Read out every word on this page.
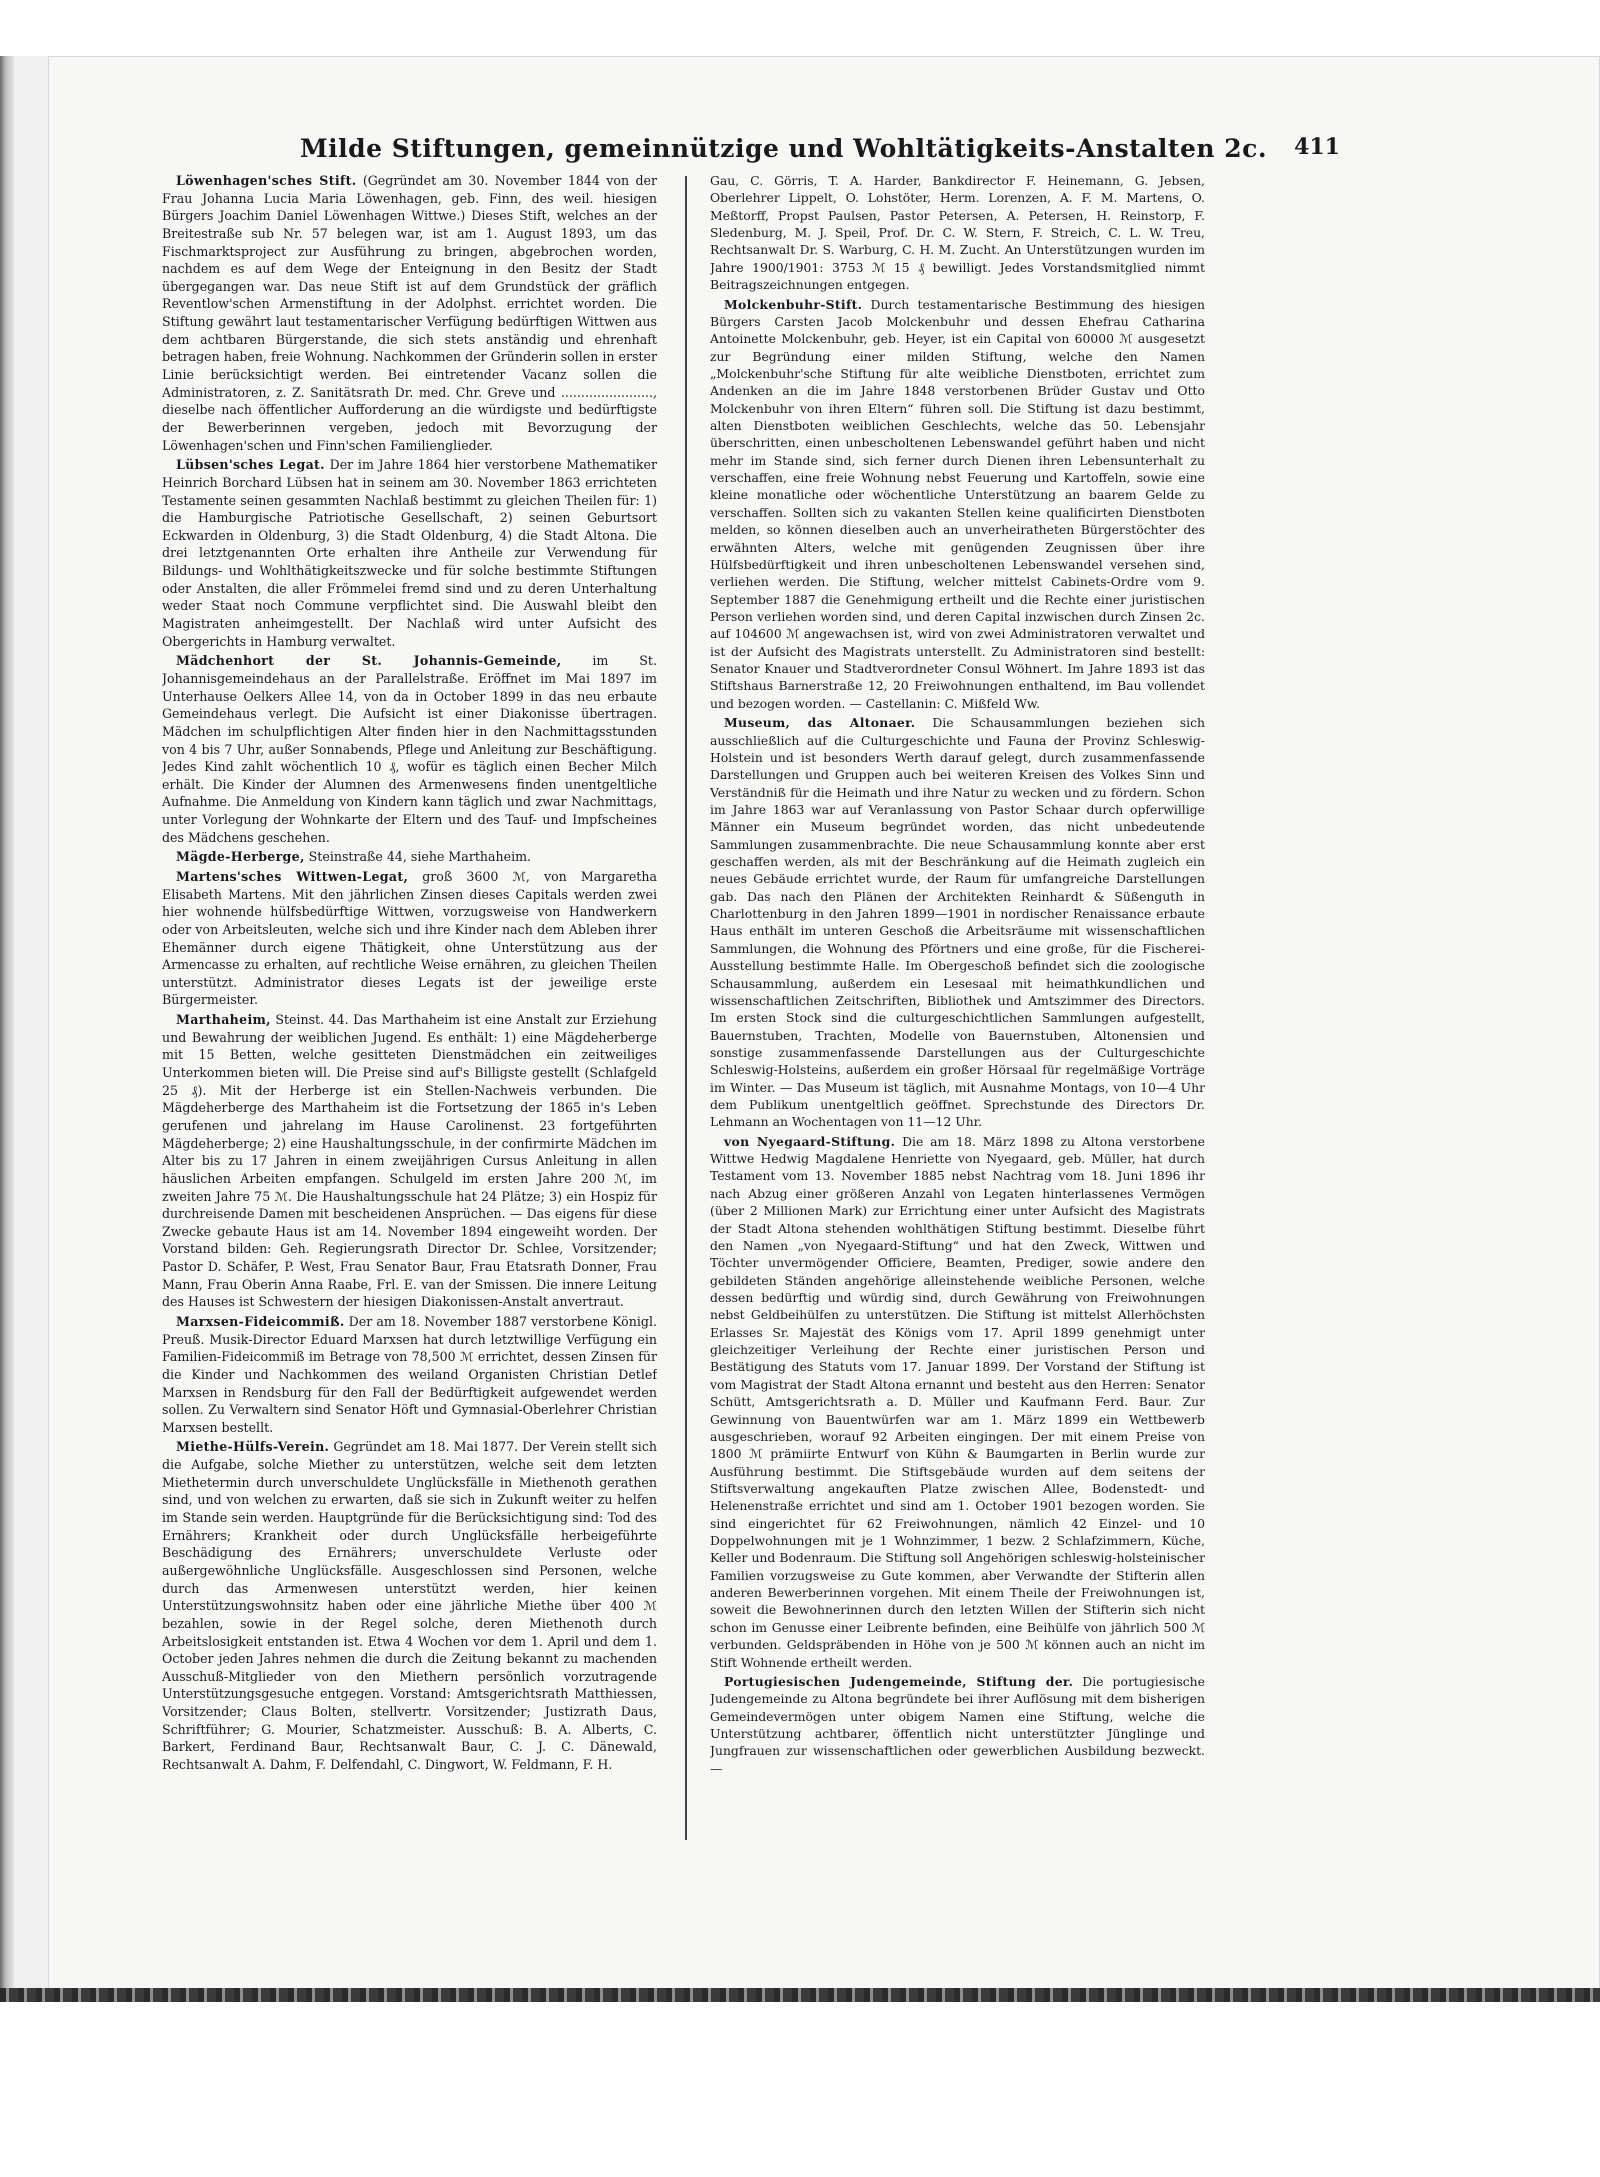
Milde Stiftungen, gemeinnützige und Wohltätigkeits-Anstalten 2c. 411

Löwenhagen'sches Stift. (Gegründet am 30. November 1844 von der Frau Johanna Lucia Maria Löwenhagen, geb. Finn, des weil. hiesigen Bürgers Joachim Daniel Löwenhagen Wittwe.) Dieses Stift, welches an der Breitestraße sub Nr. 57 belegen war, ist am 1. August 1893, um das Fischmarktsproject zur Ausführung zu bringen, abgebrochen worden, nachdem es auf dem Wege der Enteignung in den Besitz der Stadt übergegangen war. Das neue Stift ist auf dem Grundstück der gräflich Reventlow'schen Armenstiftung in der Adolphst. errichtet worden. Die Stiftung gewährt laut testamentarischer Verfügung bedürftigen Wittwen aus dem achtbaren Bürgerstande, die sich stets anständig und ehrenhaft betragen haben, freie Wohnung. Nachkommen der Gründerin sollen in erster Linie berücksichtigt werden. Bei eintretender Vacanz sollen die Administratoren, z. Z. Sanitätsrath Dr. med. Chr. Greve und ......................., dieselbe nach öffentlicher Aufforderung an die würdigste und bedürftigste der Bewerberinnen vergeben, jedoch mit Bevorzugung der Löwenhagen'schen und Finn'schen Familienglieder.

Lübsen'sches Legat. Der im Jahre 1864 hier verstorbene Mathematiker Heinrich Borchard Lübsen hat in seinem am 30. November 1863 errichteten Testamente seinen gesammten Nachlaß bestimmt zu gleichen Theilen für: 1) die Hamburgische Patriotische Gesellschaft, 2) seinen Geburtsort Eckwarden in Oldenburg, 3) die Stadt Oldenburg, 4) die Stadt Altona. Die drei letztgenannten Orte erhalten ihre Antheile zur Verwendung für Bildungs- und Wohlthätigkeitszwecke und für solche bestimmte Stiftungen oder Anstalten, die aller Frömmelei fremd sind und zu deren Unterhaltung weder Staat noch Commune verpflichtet sind. Die Auswahl bleibt den Magistraten anheimgestellt. Der Nachlaß wird unter Aufsicht des Obergerichts in Hamburg verwaltet.

Mädchenhort der St. Johannis-Gemeinde, im St. Johannisgemeindehaus an der Parallelstraße. Eröffnet im Mai 1897 im Unterhause Oelkers Allee 14, von da in October 1899 in das neu erbaute Gemeindehaus verlegt. Die Aufsicht ist einer Diakonisse übertragen. Mädchen im schulpflichtigen Alter finden hier in den Nachmittagsstunden von 4 bis 7 Uhr, außer Sonnabends, Pflege und Anleitung zur Beschäftigung. Jedes Kind zahlt wöchentlich 10 ₰, wofür es täglich einen Becher Milch erhält. Die Kinder der Alumnen des Armenwesens finden unentgeltliche Aufnahme. Die Anmeldung von Kindern kann täglich und zwar Nachmittags, unter Vorlegung der Wohnkarte der Eltern und des Tauf- und Impfscheines des Mädchens geschehen.

Mägde-Herberge, Steinstraße 44, siehe Marthaheim.

Martens'sches Wittwen-Legat, groß 3600 ℳ, von Margaretha Elisabeth Martens. Mit den jährlichen Zinsen dieses Capitals werden zwei hier wohnende hülfsbedürftige Wittwen, vorzugsweise von Handwerkern oder von Arbeitsleuten, welche sich und ihre Kinder nach dem Ableben ihrer Ehemänner durch eigene Thätigkeit, ohne Unterstützung aus der Armencasse zu erhalten, auf rechtliche Weise ernähren, zu gleichen Theilen unterstützt. Administrator dieses Legats ist der jeweilige erste Bürgermeister.

Marthaheim, Steinst. 44. Das Marthaheim ist eine Anstalt zur Erziehung und Bewahrung der weiblichen Jugend. Es enthält: 1) eine Mägdeherberge mit 15 Betten, welche gesitteten Dienstmädchen ein zeitweiliges Unterkommen bieten will. Die Preise sind auf's Billigste gestellt (Schlafgeld 25 ₰). Mit der Herberge ist ein Stellen-Nachweis verbunden. Die Mägdeherberge des Marthaheim ist die Fortsetzung der 1865 in's Leben gerufenen und jahrelang im Hause Carolinenst. 23 fortgeführten Mägdeherberge; 2) eine Haushaltungsschule, in der confirmirte Mädchen im Alter bis zu 17 Jahren in einem zweijährigen Cursus Anleitung in allen häuslichen Arbeiten empfangen. Schulgeld im ersten Jahre 200 ℳ, im zweiten Jahre 75 ℳ. Die Haushaltungsschule hat 24 Plätze; 3) ein Hospiz für durchreisende Damen mit bescheidenen Ansprüchen. — Das eigens für diese Zwecke gebaute Haus ist am 14. November 1894 eingeweiht worden. Der Vorstand bilden: Geh. Regierungsrath Director Dr. Schlee, Vorsitzender; Pastor D. Schäfer, P. West, Frau Senator Baur, Frau Etatsrath Donner, Frau Mann, Frau Oberin Anna Raabe, Frl. E. van der Smissen. Die innere Leitung des Hauses ist Schwestern der hiesigen Diakonissen-Anstalt anvertraut.

Marxsen-Fideicommiß. Der am 18. November 1887 verstorbene Königl. Preuß. Musik-Director Eduard Marxsen hat durch letztwillige Verfügung ein Familien-Fideicommiß im Betrage von 78,500 ℳ errichtet, dessen Zinsen für die Kinder und Nachkommen des weiland Organisten Christian Detlef Marxsen in Rendsburg für den Fall der Bedürftigkeit aufgewendet werden sollen. Zu Verwaltern sind Senator Höft und Gymnasial-Oberlehrer Christian Marxsen bestellt.

Miethe-Hülfs-Verein. Gegründet am 18. Mai 1877. Der Verein stellt sich die Aufgabe, solche Miether zu unterstützen, welche seit dem letzten Miethetermin durch unverschuldete Unglücksfälle in Miethenoth gerathen sind, und von welchen zu erwarten, daß sie sich in Zukunft weiter zu helfen im Stande sein werden. Hauptgründe für die Berücksichtigung sind: Tod des Ernährers; Krankheit oder durch Unglücksfälle herbeigeführte Beschädigung des Ernährers; unverschuldete Verluste oder außergewöhnliche Unglücksfälle. Ausgeschlossen sind Personen, welche durch das Armenwesen unterstützt werden, hier keinen Unterstützungswohnsitz haben oder eine jährliche Miethe über 400 ℳ bezahlen, sowie in der Regel solche, deren Miethenoth durch Arbeitslosigkeit entstanden ist. Etwa 4 Wochen vor dem 1. April und dem 1. October jeden Jahres nehmen die durch die Zeitung bekannt zu machenden Ausschuß-Mitglieder von den Miethern persönlich vorzutragende Unterstützungsgesuche entgegen. Vorstand: Amtsgerichtsrath Matthiessen, Vorsitzender; Claus Bolten, stellvertr. Vorsitzender; Justizrath Daus, Schriftführer; G. Mourier, Schatzmeister. Ausschuß: B. A. Alberts, C. Barkert, Ferdinand Baur, Rechtsanwalt Baur, C. J. C. Dänewald, Rechtsanwalt A. Dahm, F. Delfendahl, C. Dingwort, W. Feldmann, F. H.

Gau, C. Görris, T. A. Harder, Bankdirector F. Heinemann, G. Jebsen, Oberlehrer Lippelt, O. Lohstöter, Herm. Lorenzen, A. F. M. Martens, O. Meßtorff, Propst Paulsen, Pastor Petersen, A. Petersen, H. Reinstorp, F. Sledenburg, M. J. Speil, Prof. Dr. C. W. Stern, F. Streich, C. L. W. Treu, Rechtsanwalt Dr. S. Warburg, C. H. M. Zucht. An Unterstützungen wurden im Jahre 1900/1901: 3753 ℳ 15 ₰ bewilligt. Jedes Vorstandsmitglied nimmt Beitragszeichnungen entgegen.

Molckenbuhr-Stift. Durch testamentarische Bestimmung des hiesigen Bürgers Carsten Jacob Molckenbuhr und dessen Ehefrau Catharina Antoinette Molckenbuhr, geb. Heyer, ist ein Capital von 60000 ℳ ausgesetzt zur Begründung einer milden Stiftung, welche den Namen „Molckenbuhr'sche Stiftung für alte weibliche Dienstboten, errichtet zum Andenken an die im Jahre 1848 verstorbenen Brüder Gustav und Otto Molckenbuhr von ihren Eltern“ führen soll. Die Stiftung ist dazu bestimmt, alten Dienstboten weiblichen Geschlechts, welche das 50. Lebensjahr überschritten, einen unbescholtenen Lebenswandel geführt haben und nicht mehr im Stande sind, sich ferner durch Dienen ihren Lebensunterhalt zu verschaffen, eine freie Wohnung nebst Feuerung und Kartoffeln, sowie eine kleine monatliche oder wöchentliche Unterstützung an baarem Gelde zu verschaffen. Sollten sich zu vakanten Stellen keine qualificirten Dienstboten melden, so können dieselben auch an unverheiratheten Bürgerstöchter des erwähnten Alters, welche mit genügenden Zeugnissen über ihre Hülfsbedürftigkeit und ihren unbescholtenen Lebenswandel versehen sind, verliehen werden. Die Stiftung, welcher mittelst Cabinets-Ordre vom 9. September 1887 die Genehmigung ertheilt und die Rechte einer juristischen Person verliehen worden sind, und deren Capital inzwischen durch Zinsen 2c. auf 104600 ℳ angewachsen ist, wird von zwei Administratoren verwaltet und ist der Aufsicht des Magistrats unterstellt. Zu Administratoren sind bestellt: Senator Knauer und Stadtverordneter Consul Wöhnert. Im Jahre 1893 ist das Stiftshaus Barnerstraße 12, 20 Freiwohnungen enthaltend, im Bau vollendet und bezogen worden. — Castellanin: C. Mißfeld Ww.

Museum, das Altonaer. Die Schausammlungen beziehen sich ausschließlich auf die Culturgeschichte und Fauna der Provinz Schleswig-Holstein und ist besonders Werth darauf gelegt, durch zusammenfassende Darstellungen und Gruppen auch bei weiteren Kreisen des Volkes Sinn und Verständniß für die Heimath und ihre Natur zu wecken und zu fördern. Schon im Jahre 1863 war auf Veranlassung von Pastor Schaar durch opferwillige Männer ein Museum begründet worden, das nicht unbedeutende Sammlungen zusammenbrachte. Die neue Schausammlung konnte aber erst geschaffen werden, als mit der Beschränkung auf die Heimath zugleich ein neues Gebäude errichtet wurde, der Raum für umfangreiche Darstellungen gab. Das nach den Plänen der Architekten Reinhardt & Süßenguth in Charlottenburg in den Jahren 1899—1901 in nordischer Renaissance erbaute Haus enthält im unteren Geschoß die Arbeitsräume mit wissenschaftlichen Sammlungen, die Wohnung des Pförtners und eine große, für die Fischerei-Ausstellung bestimmte Halle. Im Obergeschoß befindet sich die zoologische Schausammlung, außerdem ein Lesesaal mit heimathkundlichen und wissenschaftlichen Zeitschriften, Bibliothek und Amtszimmer des Directors. Im ersten Stock sind die culturgeschichtlichen Sammlungen aufgestellt, Bauernstuben, Trachten, Modelle von Bauernstuben, Altonensien und sonstige zusammenfassende Darstellungen aus der Culturgeschichte Schleswig-Holsteins, außerdem ein großer Hörsaal für regelmäßige Vorträge im Winter. — Das Museum ist täglich, mit Ausnahme Montags, von 10—4 Uhr dem Publikum unentgeltlich geöffnet. Sprechstunde des Directors Dr. Lehmann an Wochentagen von 11—12 Uhr.

von Nyegaard-Stiftung. Die am 18. März 1898 zu Altona verstorbene Wittwe Hedwig Magdalene Henriette von Nyegaard, geb. Müller, hat durch Testament vom 13. November 1885 nebst Nachtrag vom 18. Juni 1896 ihr nach Abzug einer größeren Anzahl von Legaten hinterlassenes Vermögen (über 2 Millionen Mark) zur Errichtung einer unter Aufsicht des Magistrats der Stadt Altona stehenden wohlthätigen Stiftung bestimmt. Dieselbe führt den Namen „von Nyegaard-Stiftung“ und hat den Zweck, Wittwen und Töchter unvermögender Officiere, Beamten, Prediger, sowie andere den gebildeten Ständen angehörige alleinstehende weibliche Personen, welche dessen bedürftig und würdig sind, durch Gewährung von Freiwohnungen nebst Geldbeihülfen zu unterstützen. Die Stiftung ist mittelst Allerhöchsten Erlasses Sr. Majestät des Königs vom 17. April 1899 genehmigt unter gleichzeitiger Verleihung der Rechte einer juristischen Person und Bestätigung des Statuts vom 17. Januar 1899. Der Vorstand der Stiftung ist vom Magistrat der Stadt Altona ernannt und besteht aus den Herren: Senator Schütt, Amtsgerichtsrath a. D. Müller und Kaufmann Ferd. Baur. Zur Gewinnung von Bauentwürfen war am 1. März 1899 ein Wettbewerb ausgeschrieben, worauf 92 Arbeiten eingingen. Der mit einem Preise von 1800 ℳ prämiirte Entwurf von Kühn & Baumgarten in Berlin wurde zur Ausführung bestimmt. Die Stiftsgebäude wurden auf dem seitens der Stiftsverwaltung angekauften Platze zwischen Allee, Bodenstedt- und Helenenstraße errichtet und sind am 1. October 1901 bezogen worden. Sie sind eingerichtet für 62 Freiwohnungen, nämlich 42 Einzel- und 10 Doppelwohnungen mit je 1 Wohnzimmer, 1 bezw. 2 Schlafzimmern, Küche, Keller und Bodenraum. Die Stiftung soll Angehörigen schleswig-holsteinischer Familien vorzugsweise zu Gute kommen, aber Verwandte der Stifterin allen anderen Bewerberinnen vorgehen. Mit einem Theile der Freiwohnungen ist, soweit die Bewohnerinnen durch den letzten Willen der Stifterin sich nicht schon im Genusse einer Leibrente befinden, eine Beihülfe von jährlich 500 ℳ verbunden. Geldspräbenden in Höhe von je 500 ℳ können auch an nicht im Stift Wohnende ertheilt werden.

Portugiesischen Judengemeinde, Stiftung der. Die portugiesische Judengemeinde zu Altona begründete bei ihrer Auflösung mit dem bisherigen Gemeindevermögen unter obigem Namen eine Stiftung, welche die Unterstützung achtbarer, öffentlich nicht unterstützter Jünglinge und Jungfrauen zur wissenschaftlichen oder gewerblichen Ausbildung bezweckt. —
